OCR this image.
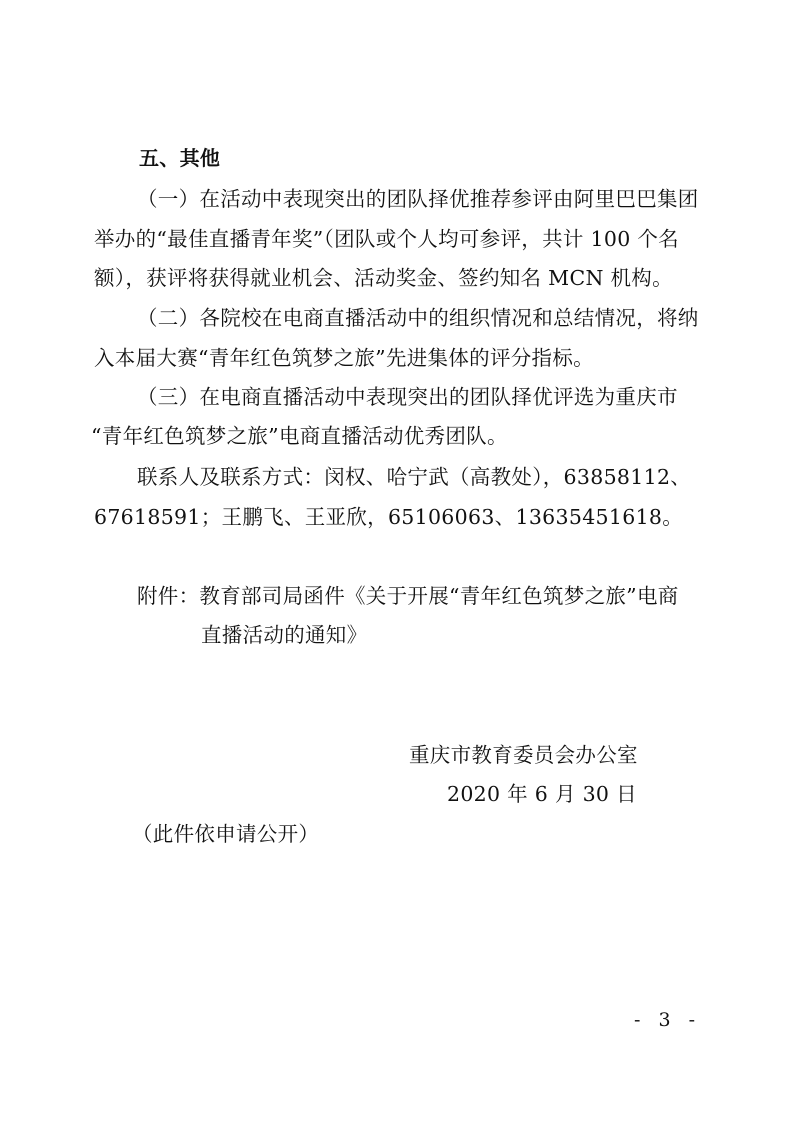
五、其他
（一）在活动中表现突出的团队择优推荐参评由阿里巴巴集团
举办的“最佳直播青年奖”（团队或个人均可参评，共计 100 个名
额），获评将获得就业机会、活动奖金、签约知名 MCN 机构。
（二）各院校在电商直播活动中的组织情况和总结情况，将纳
入本届大赛“青年红色筑梦之旅”先进集体的评分指标。
（三）在电商直播活动中表现突出的团队择优评选为重庆市
“青年红色筑梦之旅”电商直播活动优秀团队。
联系人及联系方式：闵权、哈宁武（高教处），63858112、
67618591；王鹏飞、王亚欣，65106063、13635451618。
附件：教育部司局函件《关于开展“青年红色筑梦之旅”电商
直播活动的通知》
重庆市教育委员会办公室
2020 年 6 月 30 日
（此件依申请公开）
- 3 -
